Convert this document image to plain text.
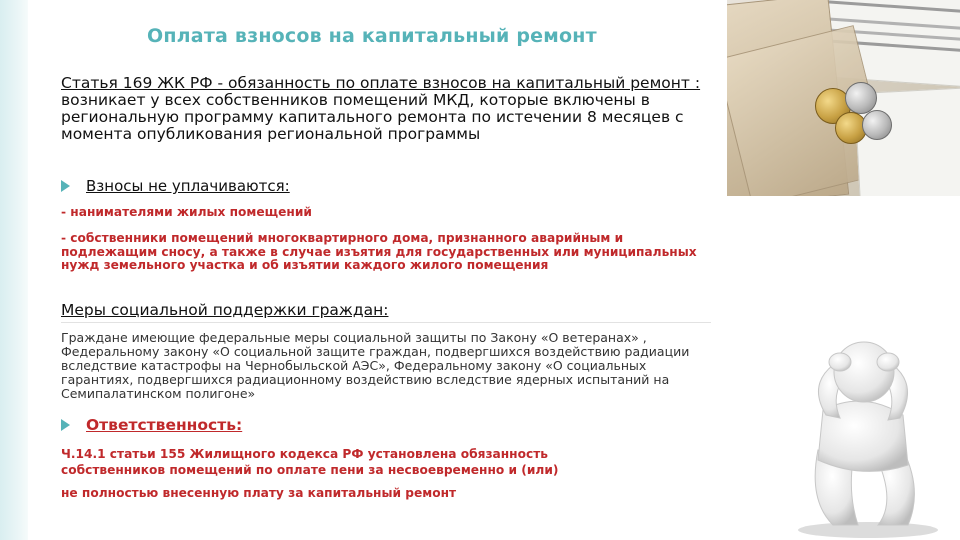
Оплата взносов на капитальный ремонт
Статья 169 ЖК РФ - обязанность по оплате взносов на капитальный ремонт : возникает у всех собственников помещений МКД, которые включены в региональную программу капитального ремонта по истечении 8 месяцев с момента опубликования региональной программы
Взносы не уплачиваются:
- нанимателями жилых помещений
- собственники помещений многоквартирного дома, признанного аварийным и подлежащим сносу, а также в случае изъятия для государственных или муниципальных нужд земельного участка и об изъятии каждого жилого помещения
Меры социальной поддержки граждан:
Граждане имеющие федеральные меры социальной защиты по Закону «О ветеранах» , Федеральному закону «О социальной защите граждан, подвергшихся воздействию радиации вследствие катастрофы на Чернобыльской АЭС», Федеральному закону «О социальных гарантиях, подвергшихся радиационному воздействию вследствие ядерных испытаний на Семипалатинском полигоне»
Ответственность:
Ч.14.1 статьи 155 Жилищного кодекса РФ установлена обязанность
собственников помещений по оплате пени за несвоевременно и (или)
не полностью внесенную плату за капитальный ремонт
